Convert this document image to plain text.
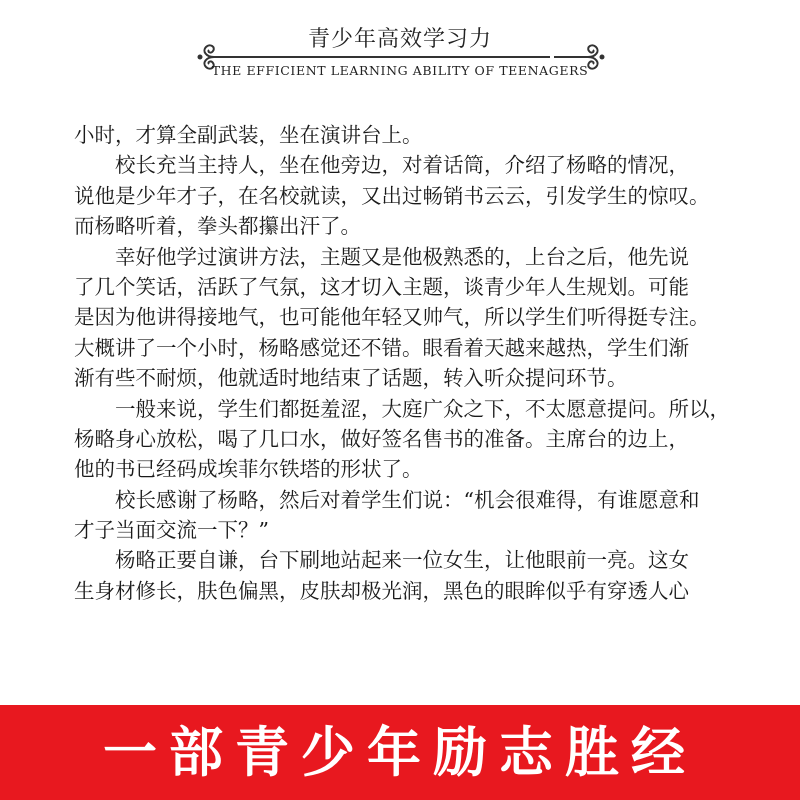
青少年高效学习力
THE EFFICIENT LEARNING ABILITY OF TEENAGERS
小时，才算全副武装，坐在演讲台上。
校长充当主持人，坐在他旁边，对着话筒，介绍了杨略的情况，
说他是少年才子，在名校就读，又出过畅销书云云，引发学生的惊叹。
而杨略听着，拳头都攥出汗了。
幸好他学过演讲方法，主题又是他极熟悉的，上台之后，他先说
了几个笑话，活跃了气氛，这才切入主题，谈青少年人生规划。可能
是因为他讲得接地气，也可能他年轻又帅气，所以学生们听得挺专注。
大概讲了一个小时，杨略感觉还不错。眼看着天越来越热，学生们渐
渐有些不耐烦，他就适时地结束了话题，转入听众提问环节。
一般来说，学生们都挺羞涩，大庭广众之下，不太愿意提问。所以，
杨略身心放松，喝了几口水，做好签名售书的准备。主席台的边上，
他的书已经码成埃菲尔铁塔的形状了。
校长感谢了杨略，然后对着学生们说：“机会很难得，有谁愿意和
才子当面交流一下？”
杨略正要自谦，台下刷地站起来一位女生，让他眼前一亮。这女
生身材修长，肤色偏黑，皮肤却极光润，黑色的眼眸似乎有穿透人心
一部青少年励志胜经
